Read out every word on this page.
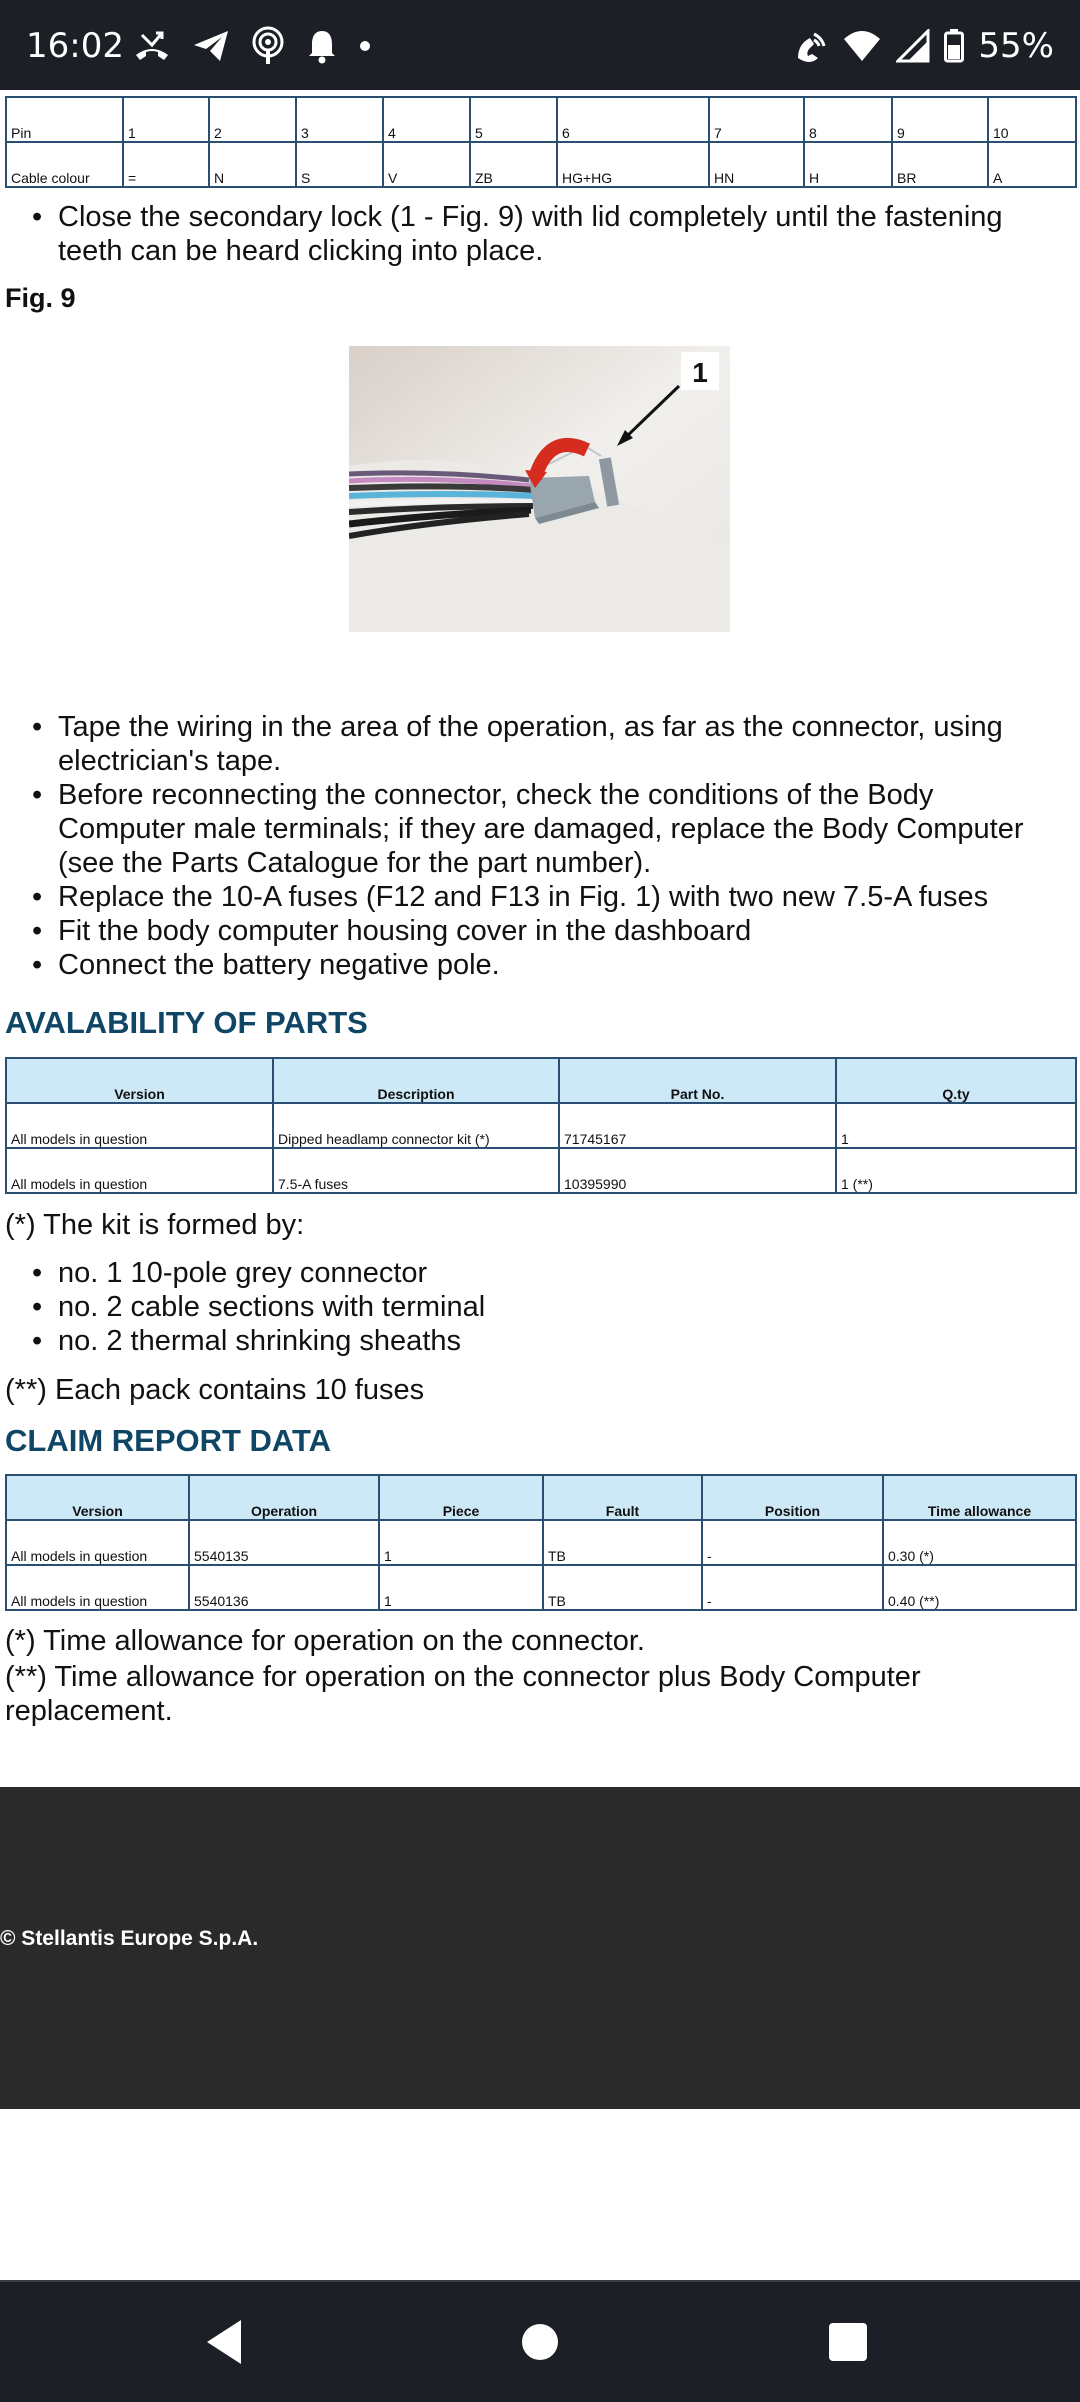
16:02	55%
Pin	1	2	3	4	5	6	7	8	9	10
Cable colour	=	N	S	V	ZB	HG+HG	HN	H	BR	A
• Close the secondary lock (1 - Fig. 9) with lid completely until the fastening teeth can be heard clicking into place.
Fig. 9
1
• Tape the wiring in the area of the operation, as far as the connector, using electrician's tape.
• Before reconnecting the connector, check the conditions of the Body Computer male terminals; if they are damaged, replace the Body Computer (see the Parts Catalogue for the part number).
• Replace the 10-A fuses (F12 and F13 in Fig. 1) with two new 7.5-A fuses
• Fit the body computer housing cover in the dashboard
• Connect the battery negative pole.
AVALABILITY OF PARTS
Version	Description	Part No.	Q.ty
All models in question	Dipped headlamp connector kit (*)	71745167	1
All models in question	7.5-A fuses	10395990	1 (**)
(*) The kit is formed by:
• no. 1 10-pole grey connector
• no. 2 cable sections with terminal
• no. 2 thermal shrinking sheaths
(**) Each pack contains 10 fuses
CLAIM REPORT DATA
Version	Operation	Piece	Fault	Position	Time allowance
All models in question	5540135	1	TB	-	0.30 (*)
All models in question	5540136	1	TB	-	0.40 (**)
(*) Time allowance for operation on the connector.
(**) Time allowance for operation on the connector plus Body Computer replacement.
© Stellantis Europe S.p.A.
